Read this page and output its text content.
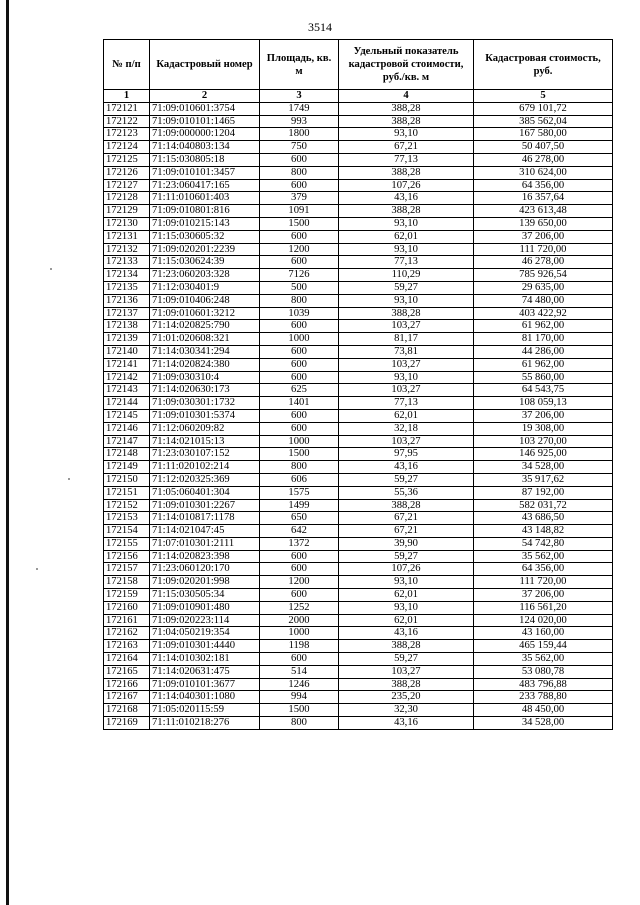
3514
№ п/п	Кадастровый номер	Площадь, кв. м	Удельный показатель кадастровой стоимости, руб./кв. м	Кадастровая стоимость, руб.
1	2	3	4	5
172121	71:09:010601:3754	1749	388,28	679 101,72
172122	71:09:010101:1465	993	388,28	385 562,04
172123	71:09:000000:1204	1800	93,10	167 580,00
172124	71:14:040803:134	750	67,21	50 407,50
172125	71:15:030805:18	600	77,13	46 278,00
172126	71:09:010101:3457	800	388,28	310 624,00
172127	71:23:060417:165	600	107,26	64 356,00
172128	71:11:010601:403	379	43,16	16 357,64
172129	71:09:010801:816	1091	388,28	423 613,48
172130	71:09:010215:143	1500	93,10	139 650,00
172131	71:15:030605:32	600	62,01	37 206,00
172132	71:09:020201:2239	1200	93,10	111 720,00
172133	71:15:030624:39	600	77,13	46 278,00
172134	71:23:060203:328	7126	110,29	785 926,54
172135	71:12:030401:9	500	59,27	29 635,00
172136	71:09:010406:248	800	93,10	74 480,00
172137	71:09:010601:3212	1039	388,28	403 422,92
172138	71:14:020825:790	600	103,27	61 962,00
172139	71:01:020608:321	1000	81,17	81 170,00
172140	71:14:030341:294	600	73,81	44 286,00
172141	71:14:020824:380	600	103,27	61 962,00
172142	71:09:030310:4	600	93,10	55 860,00
172143	71:14:020630:173	625	103,27	64 543,75
172144	71:09:030301:1732	1401	77,13	108 059,13
172145	71:09:010301:5374	600	62,01	37 206,00
172146	71:12:060209:82	600	32,18	19 308,00
172147	71:14:021015:13	1000	103,27	103 270,00
172148	71:23:030107:152	1500	97,95	146 925,00
172149	71:11:020102:214	800	43,16	34 528,00
172150	71:12:020325:369	606	59,27	35 917,62
172151	71:05:060401:304	1575	55,36	87 192,00
172152	71:09:010301:2267	1499	388,28	582 031,72
172153	71:14:010817:1178	650	67,21	43 686,50
172154	71:14:021047:45	642	67,21	43 148,82
172155	71:07:010301:2111	1372	39,90	54 742,80
172156	71:14:020823:398	600	59,27	35 562,00
172157	71:23:060120:170	600	107,26	64 356,00
172158	71:09:020201:998	1200	93,10	111 720,00
172159	71:15:030505:34	600	62,01	37 206,00
172160	71:09:010901:480	1252	93,10	116 561,20
172161	71:09:020223:114	2000	62,01	124 020,00
172162	71:04:050219:354	1000	43,16	43 160,00
172163	71:09:010301:4440	1198	388,28	465 159,44
172164	71:14:010302:181	600	59,27	35 562,00
172165	71:14:020631:475	514	103,27	53 080,78
172166	71:09:010101:3677	1246	388,28	483 796,88
172167	71:14:040301:1080	994	235,20	233 788,80
172168	71:05:020115:59	1500	32,30	48 450,00
172169	71:11:010218:276	800	43,16	34 528,00
